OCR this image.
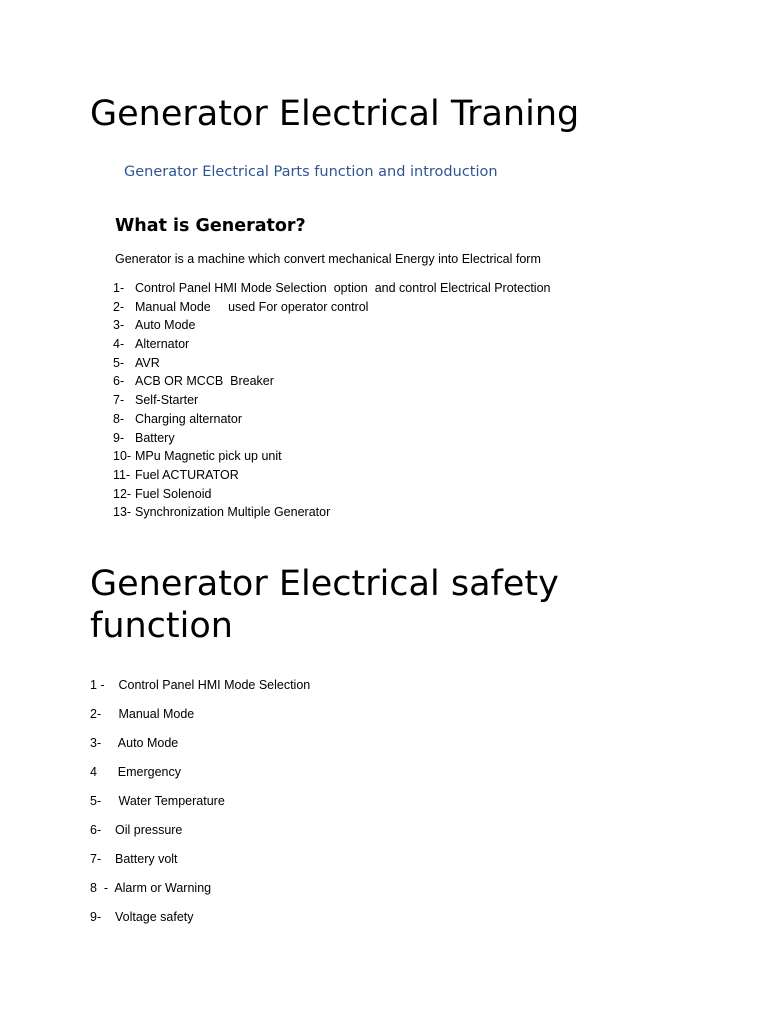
Generator Electrical Traning

Generator Electrical Parts function and introduction

What is Generator?

Generator is a machine which convert mechanical Energy into Electrical form

1- Control Panel HMI Mode Selection  option  and control Electrical Protection
2- Manual Mode     used For operator control
3- Auto Mode
4- Alternator
5- AVR
6- ACB OR MCCB  Breaker
7- Self-Starter
8- Charging alternator
9- Battery
10- MPu Magnetic pick up unit
11- Fuel ACTURATOR
12- Fuel Solenoid
13- Synchronization Multiple Generator
Generator Electrical safety function
1 -    Control Panel HMI Mode Selection
2-     Manual Mode
3-     Auto Mode
4      Emergency
5-     Water Temperature
6-    Oil pressure
7-    Battery volt
8  -  Alarm or Warning
9-    Voltage safety
